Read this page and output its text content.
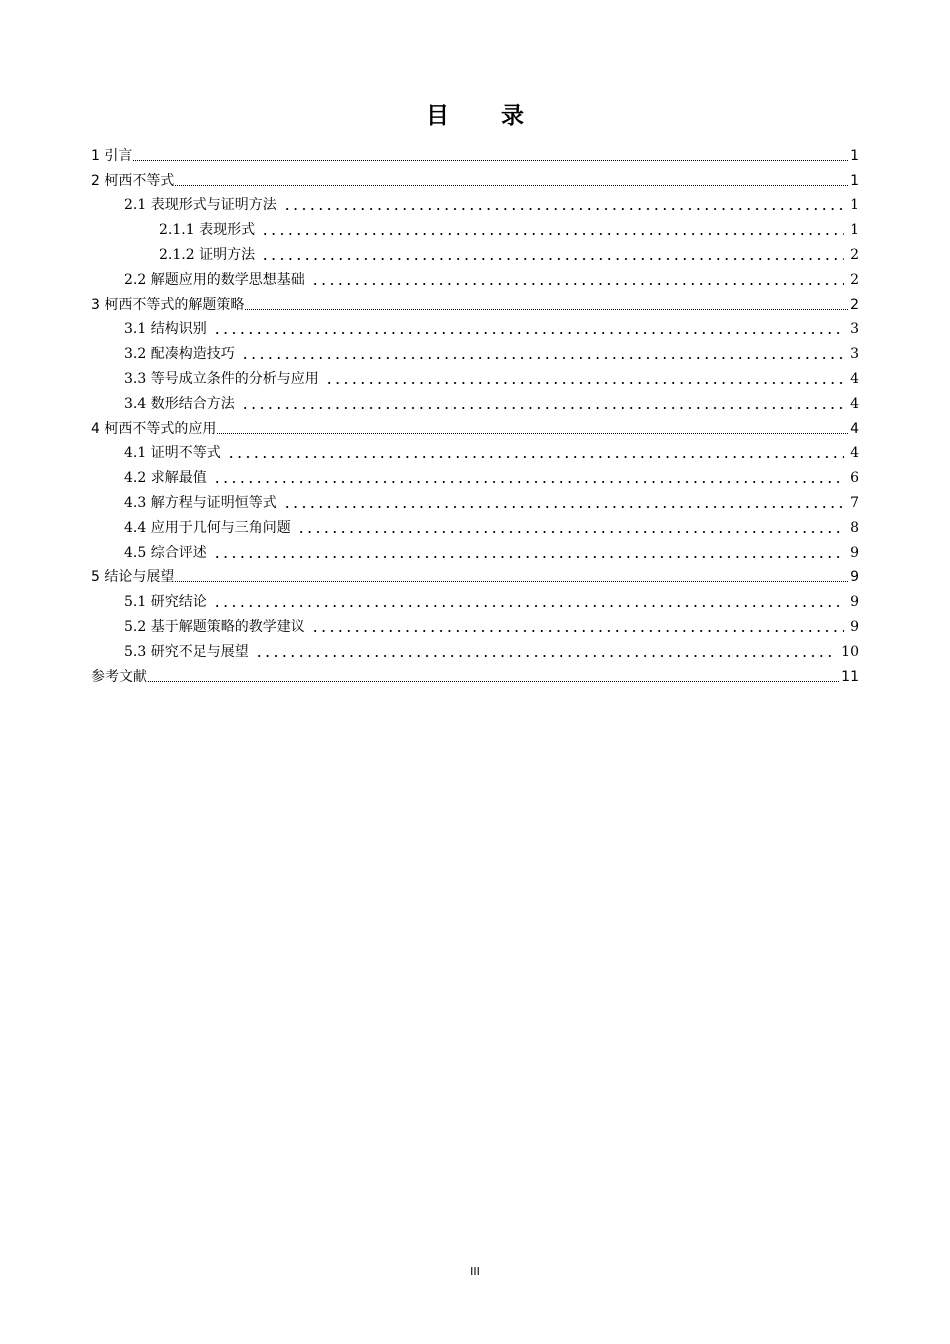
目 录
1 引言	1
2 柯西不等式	1
2.1 表现形式与证明方法	1
2.1.1 表现形式	1
2.1.2 证明方法	2
2.2 解题应用的数学思想基础	2
3 柯西不等式的解题策略	2
3.1 结构识别	3
3.2 配凑构造技巧	3
3.3 等号成立条件的分析与应用	4
3.4 数形结合方法	4
4 柯西不等式的应用	4
4.1 证明不等式	4
4.2 求解最值	6
4.3 解方程与证明恒等式	7
4.4 应用于几何与三角问题	8
4.5 综合评述	9
5 结论与展望	9
5.1 研究结论	9
5.2 基于解题策略的教学建议	9
5.3 研究不足与展望	10
参考文献	11
III
